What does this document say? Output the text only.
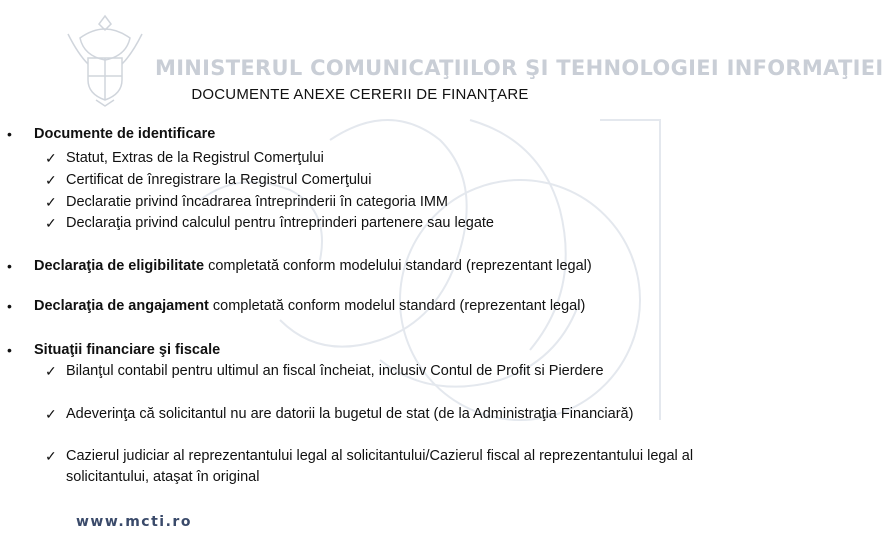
MINISTERUL COMUNICAŢIILOR ŞI TEHNOLOGIEI INFORMAŢIEI
DOCUMENTE ANEXE CERERII DE FINANŢARE
• Documente de identificare
✓ Statut, Extras de la Registrul Comerţului
✓ Certificat de înregistrare la Registrul Comerţului
✓ Declaratie privind încadrarea întreprinderii în categoria IMM
✓ Declaraţia privind calculul pentru întreprinderi partenere sau legate
• Declaraţia de eligibilitate completată conform modelului standard (reprezentant legal)
• Declaraţia de angajament completată conform modelul standard (reprezentant legal)
• Situaţii financiare şi fiscale
✓ Bilanţul contabil pentru ultimul an fiscal încheiat, inclusiv Contul de Profit si Pierdere
✓ Adeverinţa că solicitantul nu are datorii la bugetul de stat (de la Administraţia Financiară)
✓ Cazierul judiciar al reprezentantului legal al solicitantului/Cazierul fiscal al reprezentantului legal al solicitantului, ataşat în original
www.mcti.ro
